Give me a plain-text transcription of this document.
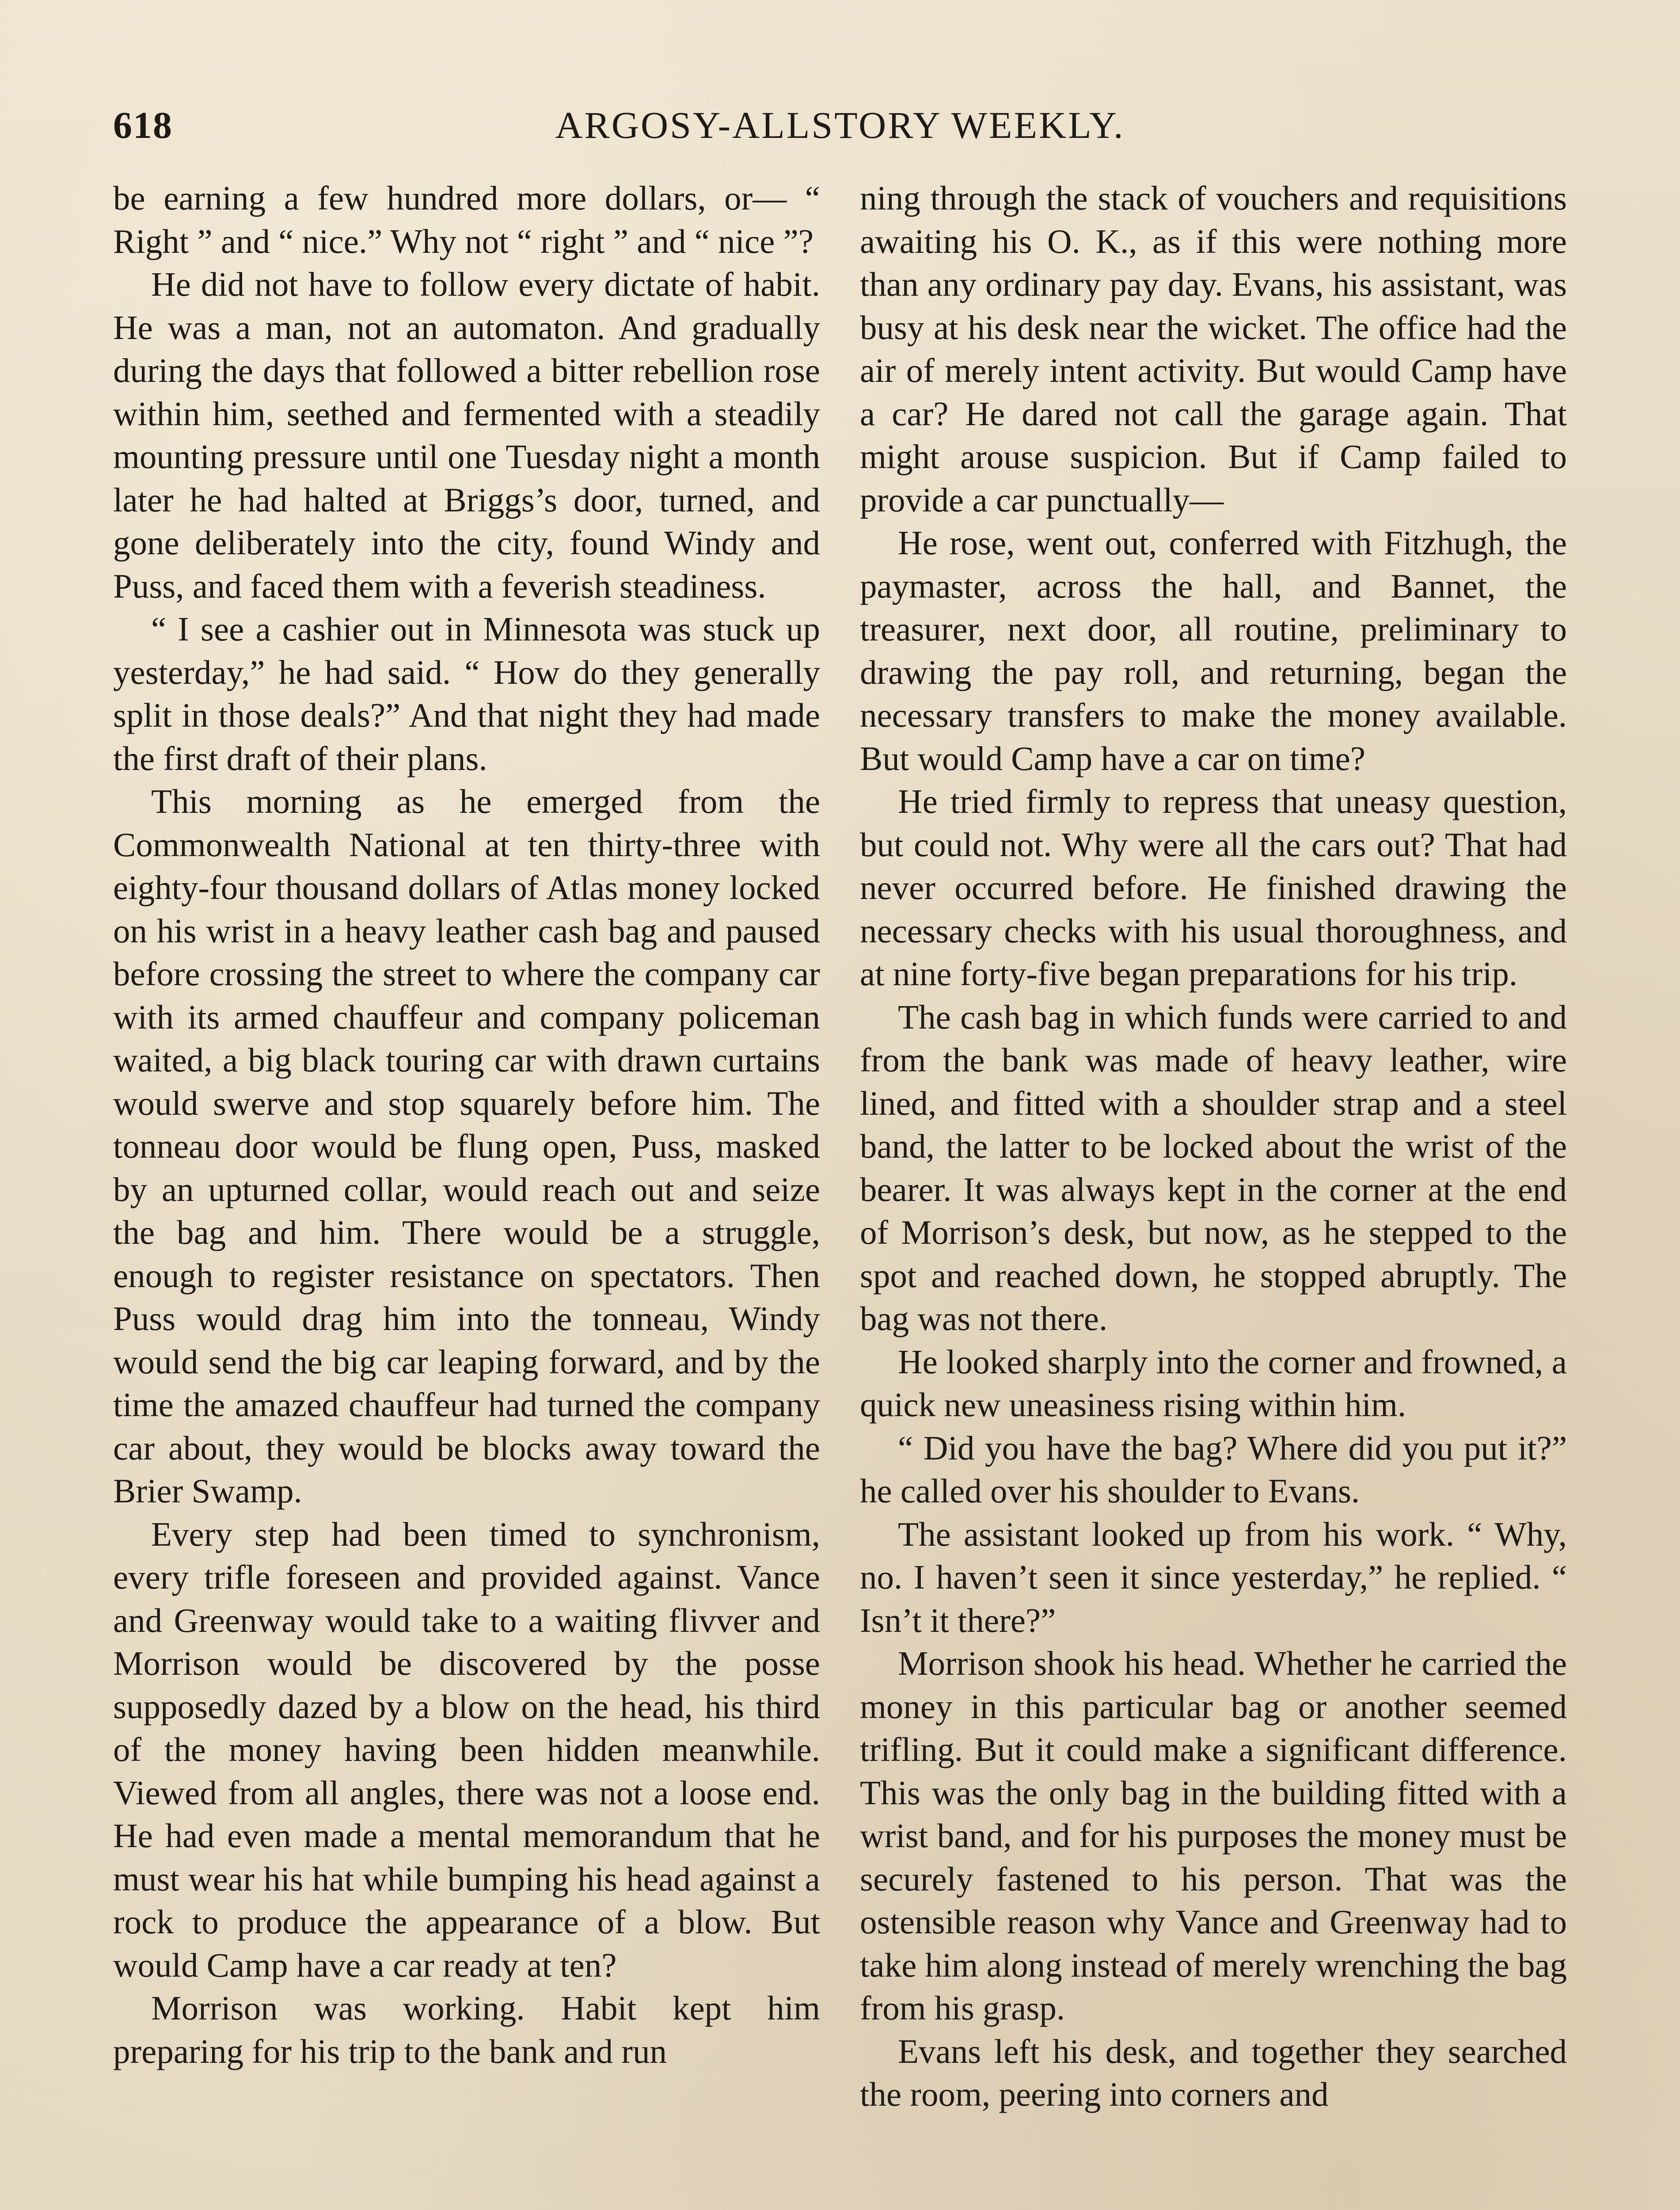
618	ARGOSY-ALLSTORY WEEKLY.

be earning a few hundred more dollars, or— “ Right ” and “ nice.” Why not “ right ” and “ nice ”?

He did not have to follow every dictate of habit. He was a man, not an automaton. And gradually during the days that followed a bitter rebellion rose within him, seethed and fermented with a steadily mounting pressure until one Tuesday night a month later he had halted at Briggs’s door, turned, and gone deliberately into the city, found Windy and Puss, and faced them with a feverish steadiness.

“ I see a cashier out in Minnesota was stuck up yesterday,” he had said. “ How do they generally split in those deals?” And that night they had made the first draft of their plans.

This morning as he emerged from the Commonwealth National at ten thirty-three with eighty-four thousand dollars of Atlas money locked on his wrist in a heavy leather cash bag and paused before crossing the street to where the company car with its armed chauffeur and company policeman waited, a big black touring car with drawn curtains would swerve and stop squarely before him. The tonneau door would be flung open, Puss, masked by an upturned collar, would reach out and seize the bag and him. There would be a struggle, enough to register resistance on spectators. Then Puss would drag him into the tonneau, Windy would send the big car leaping forward, and by the time the amazed chauffeur had turned the company car about, they would be blocks away toward the Brier Swamp.

Every step had been timed to synchronism, every trifle foreseen and provided against. Vance and Greenway would take to a waiting flivver and Morrison would be discovered by the posse supposedly dazed by a blow on the head, his third of the money having been hidden meanwhile. Viewed from all angles, there was not a loose end. He had even made a mental memorandum that he must wear his hat while bumping his head against a rock to produce the appearance of a blow. But would Camp have a car ready at ten?

Morrison was working. Habit kept him preparing for his trip to the bank and run

ning through the stack of vouchers and requisitions awaiting his O. K., as if this were nothing more than any ordinary pay day. Evans, his assistant, was busy at his desk near the wicket. The office had the air of merely intent activity. But would Camp have a car? He dared not call the garage again. That might arouse suspicion. But if Camp failed to provide a car punctually—

He rose, went out, conferred with Fitzhugh, the paymaster, across the hall, and Bannet, the treasurer, next door, all routine, preliminary to drawing the pay roll, and returning, began the necessary transfers to make the money available. But would Camp have a car on time?

He tried firmly to repress that uneasy question, but could not. Why were all the cars out? That had never occurred before. He finished drawing the necessary checks with his usual thoroughness, and at nine forty-five began preparations for his trip.

The cash bag in which funds were carried to and from the bank was made of heavy leather, wire lined, and fitted with a shoulder strap and a steel band, the latter to be locked about the wrist of the bearer. It was always kept in the corner at the end of Morrison’s desk, but now, as he stepped to the spot and reached down, he stopped abruptly. The bag was not there.

He looked sharply into the corner and frowned, a quick new uneasiness rising within him.

“ Did you have the bag? Where did you put it?” he called over his shoulder to Evans.

The assistant looked up from his work. “ Why, no. I haven’t seen it since yesterday,” he replied. “ Isn’t it there?”

Morrison shook his head. Whether he carried the money in this particular bag or another seemed trifling. But it could make a significant difference. This was the only bag in the building fitted with a wrist band, and for his purposes the money must be securely fastened to his person. That was the ostensible reason why Vance and Greenway had to take him along instead of merely wrenching the bag from his grasp.

Evans left his desk, and together they searched the room, peering into corners and
